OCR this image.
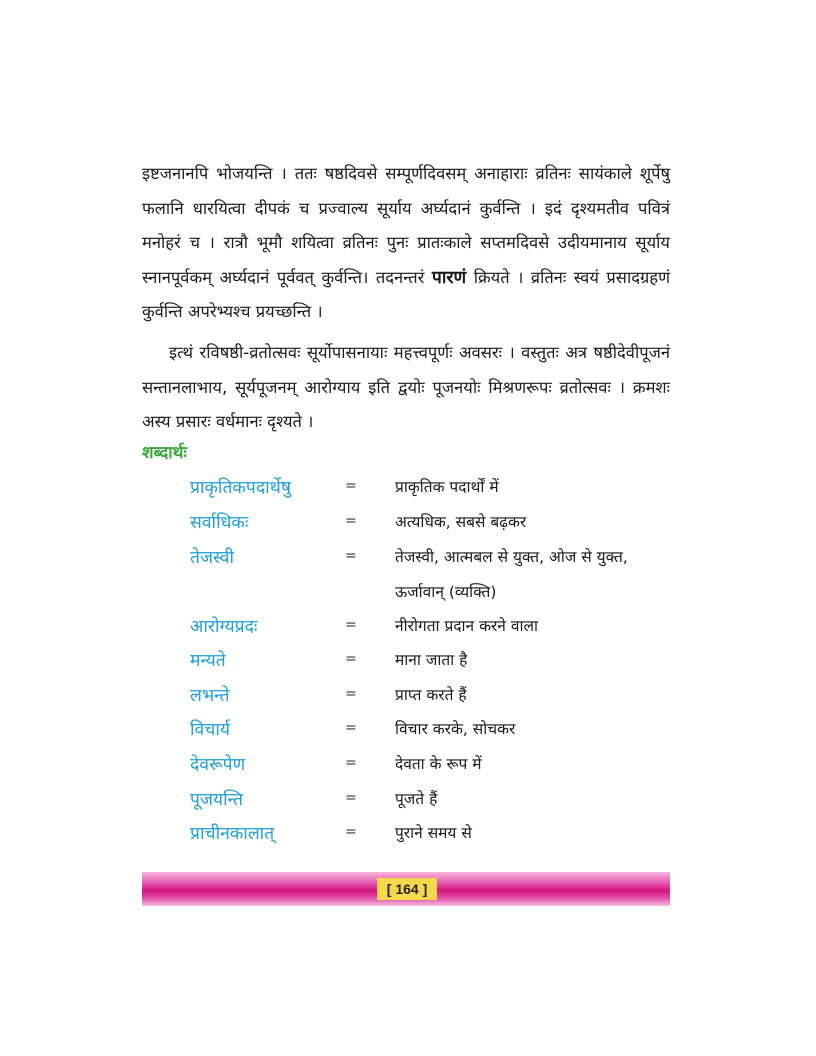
इष्टजनानपि भोजयन्ति । ततः षष्ठदिवसे सम्पूर्णदिवसम् अनाहाराः व्रतिनः सायंकाले शूर्पेषु फलानि धारयित्वा दीपकं च प्रज्वाल्य सूर्याय अर्घ्यदानं कुर्वन्ति । इदं दृश्यमतीव पवित्रं मनोहरं च । रात्रौ भूमौ शयित्वा व्रतिनः पुनः प्रातःकाले सप्तमदिवसे उदीयमानाय सूर्याय स्नानपूर्वकम् अर्घ्यदानं पूर्ववत् कुर्वन्ति। तदनन्तरं पारणं क्रियते । व्रतिनः स्वयं प्रसादग्रहणं कुर्वन्ति अपरेभ्यश्च प्रयच्छन्ति ।
इत्थं रविषष्ठी-व्रतोत्सवः सूर्योपासनायाः महत्त्वपूर्णः अवसरः । वस्तुतः अत्र षष्ठीदेवीपूजनं सन्तानलाभाय, सूर्यपूजनम् आरोग्याय इति द्वयोः पूजनयोः मिश्रणरूपः व्रतोत्सवः । क्रमशः अस्य प्रसारः वर्धमानः दृश्यते ।
शब्दार्थः
प्राकृतिकपदार्थेषु	= प्राकृतिक पदार्थों में
सर्वाधिकः	= अत्यधिक, सबसे बढ़कर
तेजस्वी	= तेजस्वी, आत्मबल से युक्त, ओज से युक्त, ऊर्जावान् (व्यक्ति)
आरोग्यप्रदः	= नीरोगता प्रदान करने वाला
मन्यते	= माना जाता है
लभन्ते	= प्राप्त करते हैं
विचार्य	= विचार करके, सोचकर
देवरूपेण	= देवता के रूप में
पूजयन्ति	= पूजते हैं
प्राचीनकालात्	= पुराने समय से
[ 164 ]
